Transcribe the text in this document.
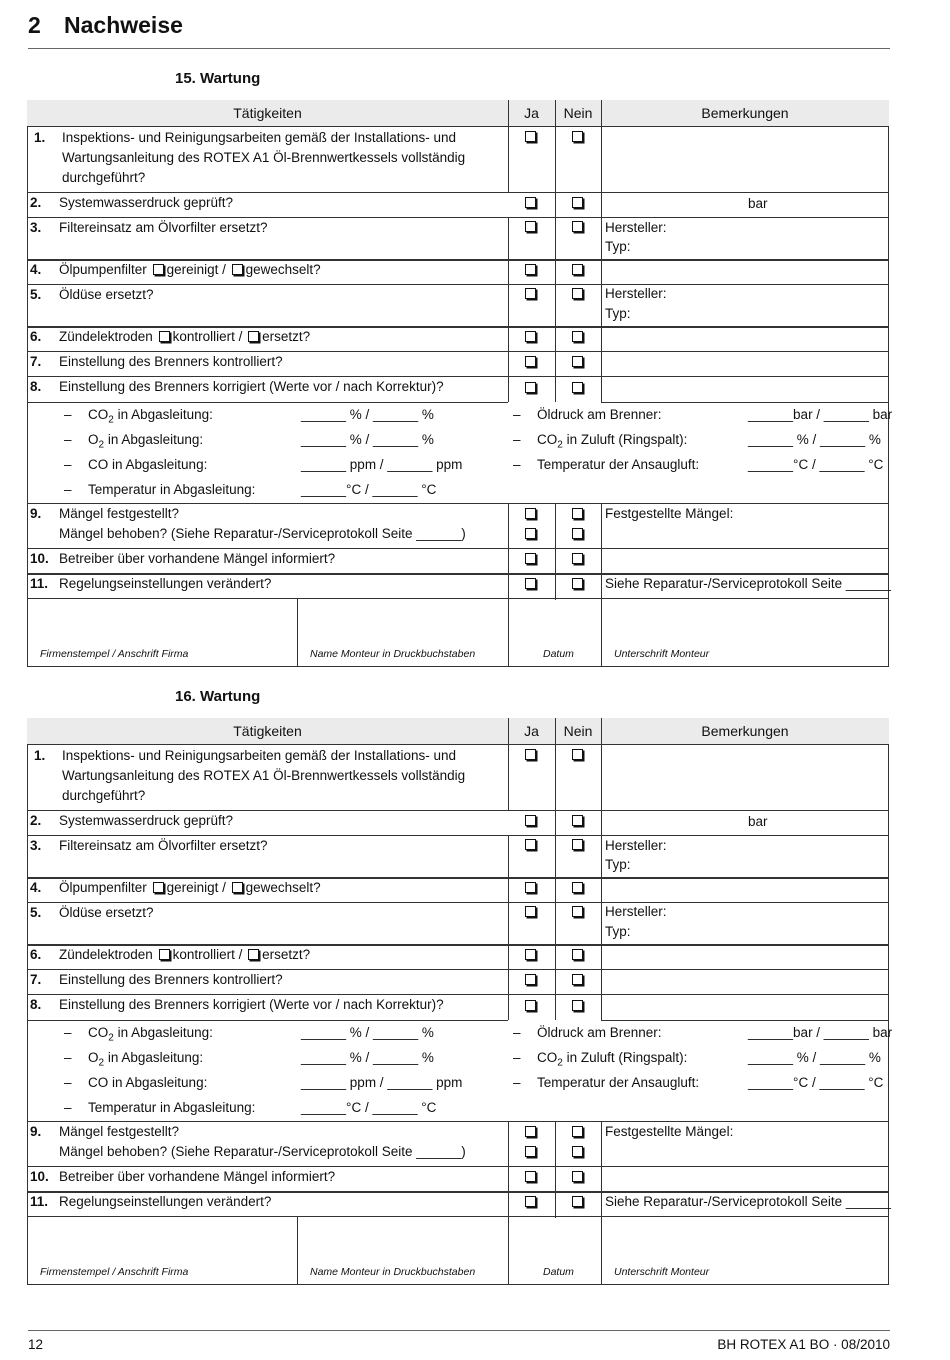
2 Nachweise
15. Wartung
Tätigkeiten	Ja	Nein	Bemerkungen
1. Inspektions- und Reinigungsarbeiten gemäß der Installations- und
Wartungsanleitung des ROTEX A1 Öl-Brennwertkessels vollständig
durchgeführt?
2. Systemwasserdruck geprüft?	bar
3. Filtereinsatz am Ölvorfilter ersetzt?	Hersteller:
Typ:
4. Ölpumpenfilter gereinigt / gewechselt?
5. Öldüse ersetzt?	Hersteller:
Typ:
6. Zündelektroden kontrolliert / ersetzt?
7. Einstellung des Brenners kontrolliert?
8. Einstellung des Brenners korrigiert (Werte vor / nach Korrektur)?
– $CO_2$ in Abgasleitung:	______ % / ______ %
– $O_2$ in Abgasleitung:	______ % / ______ %
– CO in Abgasleitung:	______ ppm / ______ ppm
– Temperatur in Abgasleitung:	______°C / ______ °C
– Öldruck am Brenner:	______bar / ______ bar
– $CO_2$ in Zuluft (Ringspalt):	______ % / ______ %
– Temperatur der Ansaugluft:	______°C / ______ °C
9. Mängel festgestellt?
Mängel behoben? (Siehe Reparatur-/Serviceprotokoll Seite ______)
Festgestellte Mängel:
10. Betreiber über vorhandene Mängel informiert?
11. Regelungseinstellungen verändert?	Siehe Reparatur-/Serviceprotokoll Seite ______
Firmenstempel / Anschrift Firma	Name Monteur in Druckbuchstaben	Datum	Unterschrift Monteur
16. Wartung
Tätigkeiten	Ja	Nein	Bemerkungen
1. Inspektions- und Reinigungsarbeiten gemäß der Installations- und
Wartungsanleitung des ROTEX A1 Öl-Brennwertkessels vollständig
durchgeführt?
2. Systemwasserdruck geprüft?	bar
3. Filtereinsatz am Ölvorfilter ersetzt?	Hersteller:
Typ:
4. Ölpumpenfilter gereinigt / gewechselt?
5. Öldüse ersetzt?	Hersteller:
Typ:
6. Zündelektroden kontrolliert / ersetzt?
7. Einstellung des Brenners kontrolliert?
8. Einstellung des Brenners korrigiert (Werte vor / nach Korrektur)?
– $CO_2$ in Abgasleitung:	______ % / ______ %
– $O_2$ in Abgasleitung:	______ % / ______ %
– CO in Abgasleitung:	______ ppm / ______ ppm
– Temperatur in Abgasleitung:	______°C / ______ °C
– Öldruck am Brenner:	______bar / ______ bar
– $CO_2$ in Zuluft (Ringspalt):	______ % / ______ %
– Temperatur der Ansaugluft:	______°C / ______ °C
9. Mängel festgestellt?
Mängel behoben? (Siehe Reparatur-/Serviceprotokoll Seite ______)
Festgestellte Mängel:
10. Betreiber über vorhandene Mängel informiert?
11. Regelungseinstellungen verändert?	Siehe Reparatur-/Serviceprotokoll Seite ______
Firmenstempel / Anschrift Firma	Name Monteur in Druckbuchstaben	Datum	Unterschrift Monteur
12	BH ROTEX A1 BO · 08/2010
